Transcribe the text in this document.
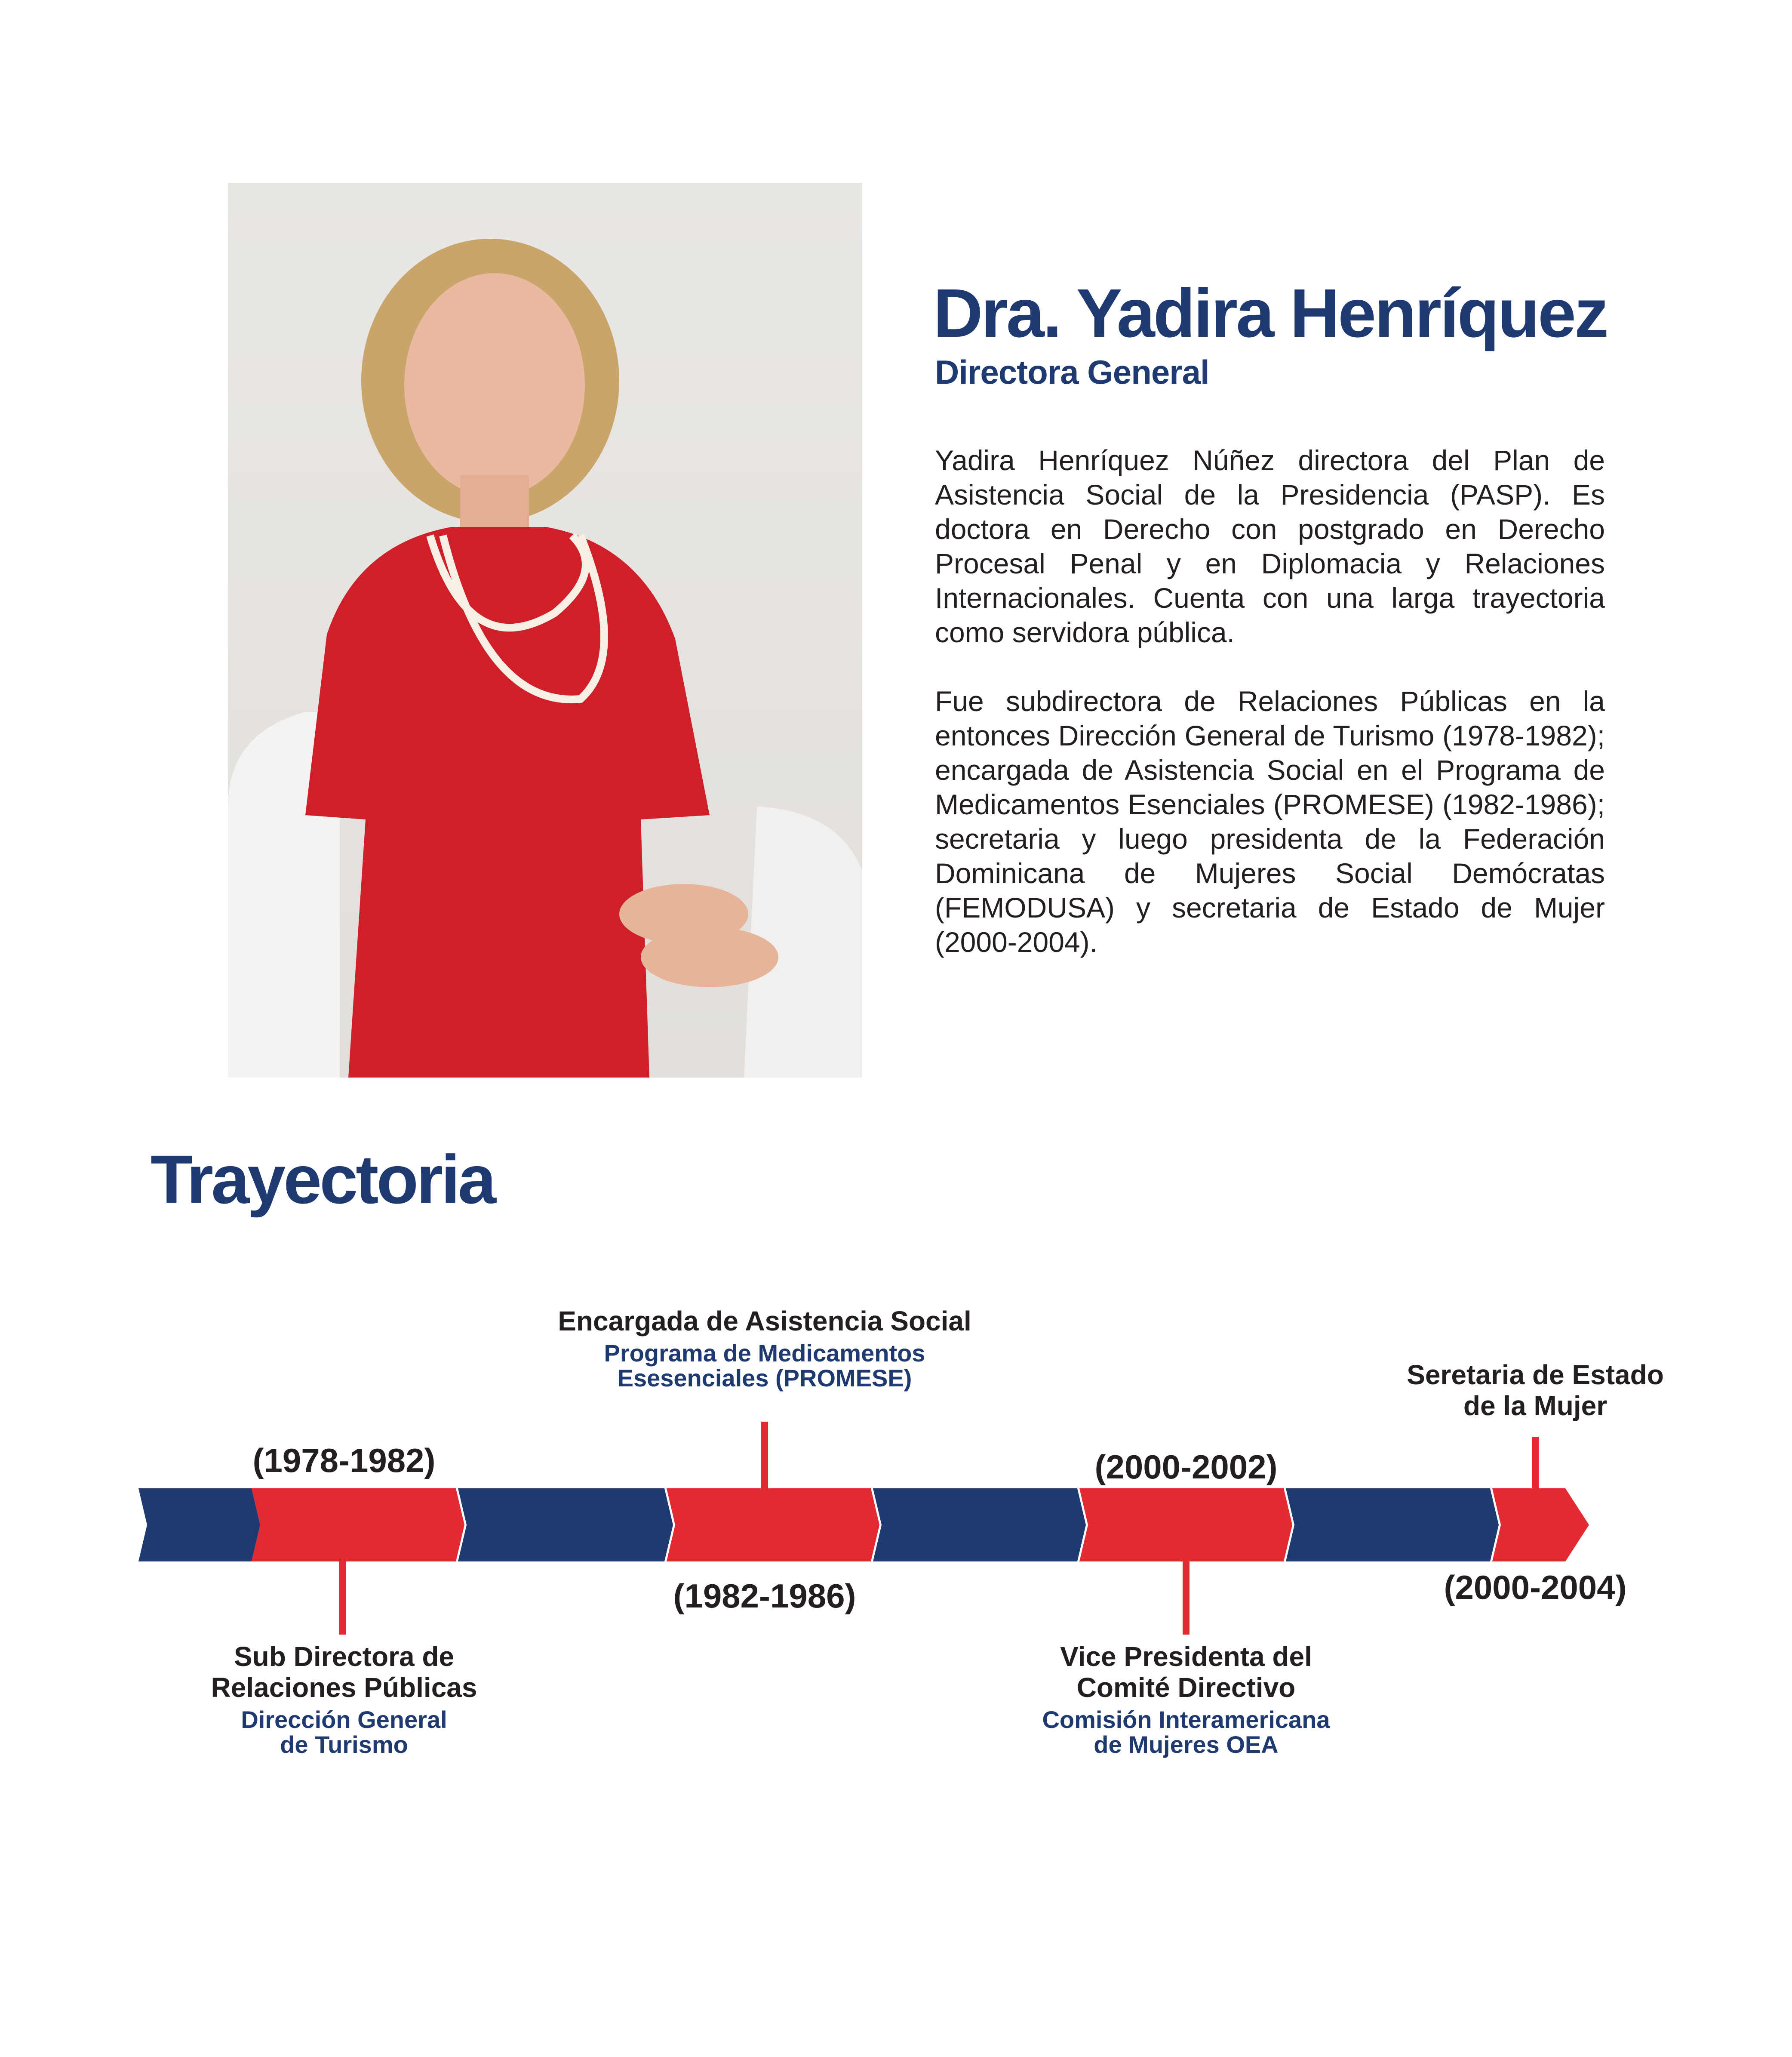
Dra. Yadira Henríquez
Directora General

Yadira Henríquez Núñez directora del Plan de Asistencia Social de la Presidencia (PASP). Es doctora en Derecho con postgrado en Derecho Procesal Penal y en Diplomacia y Relaciones Internacionales. Cuenta con una larga trayectoria como servidora pública.

Fue subdirectora de Relaciones Públicas en la entonces Dirección General de Turismo (1978-1982); encargada de Asistencia Social en el Programa de Medicamentos Esenciales (PROMESE) (1982-1986); secretaria y luego presidenta de la Federación Dominicana de Mujeres Social Demócratas (FEMODUSA) y secretaria de Estado de Mujer (2000-2004).

Trayectoria
(1978-1982)
(1982-1986)
(2000-2002)
(2000-2004)
Sub Directora de
Relaciones Públicas
Dirección General
de Turismo
Encargada de Asistencia Social
Programa de Medicamentos
Esesenciales (PROMESE)
Vice Presidenta del
Comité Directivo
Comisión Interamericana
de Mujeres OEA
Seretaria de Estado
de la Mujer
